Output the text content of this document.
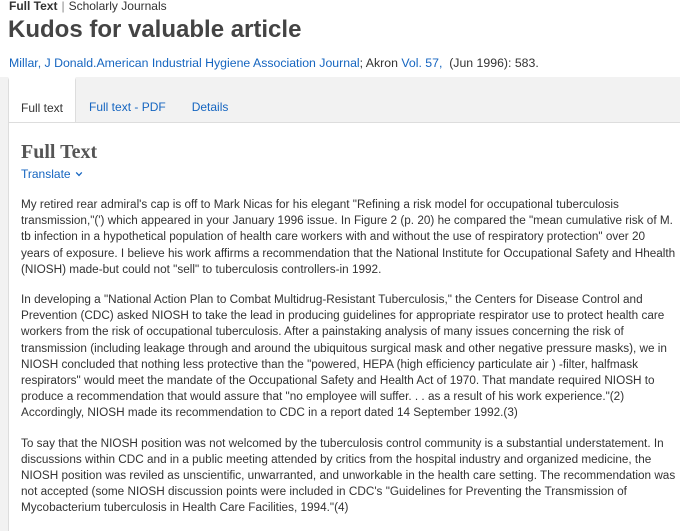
Full Text | Scholarly Journals
Kudos for valuable article
Millar, J Donald.American Industrial Hygiene Association Journal; Akron Vol. 57,  (Jun 1996): 583.
Full text	Full text - PDF	Details
Full Text
Translate

My retired rear admiral's cap is off to Mark Nicas for his elegant "Refining a risk model for occupational tuberculosis transmission,"(') which appeared in your January 1996 issue. In Figure 2 (p. 20) he compared the "mean cumulative risk of M. tb infection in a hypothetical population of health care workers with and without the use of respiratory protection" over 20 years of exposure. I believe his work affirms a recommendation that the National Institute for Occupational Safety and Hhealth (NIOSH) made-but could not "sell" to tuberculosis controllers-in 1992.

In developing a "National Action Plan to Combat Multidrug-Resistant Tuberculosis," the Centers for Disease Control and Prevention (CDC) asked NIOSH to take the lead in producing guidelines for appropriate respirator use to protect health care workers from the risk of occupational tuberculosis. After a painstaking analysis of many issues concerning the risk of transmission (including leakage through and around the ubiquitous surgical mask and other negative pressure masks), we in NIOSH concluded that nothing less protective than the "powered, HEPA (high efficiency particulate air ) -filter, halfmask respirators" would meet the mandate of the Occupational Safety and Health Act of 1970. That mandate required NIOSH to produce a recommendation that would assure that "no employee will suffer. . . as a result of his work experience."(2) Accordingly, NIOSH made its recommendation to CDC in a report dated 14 September 1992.(3)

To say that the NIOSH position was not welcomed by the tuberculosis control community is a substantial understatement. In discussions within CDC and in a public meeting attended by critics from the hospital industry and organized medicine, the NIOSH position was reviled as unscientific, unwarranted, and unworkable in the health care setting. The recommendation was not accepted (some NIOSH discussion points were included in CDC's "Guidelines for Preventing the Transmission of Mycobacterium tuberculosis in Health Care Facilities, 1994."(4)
